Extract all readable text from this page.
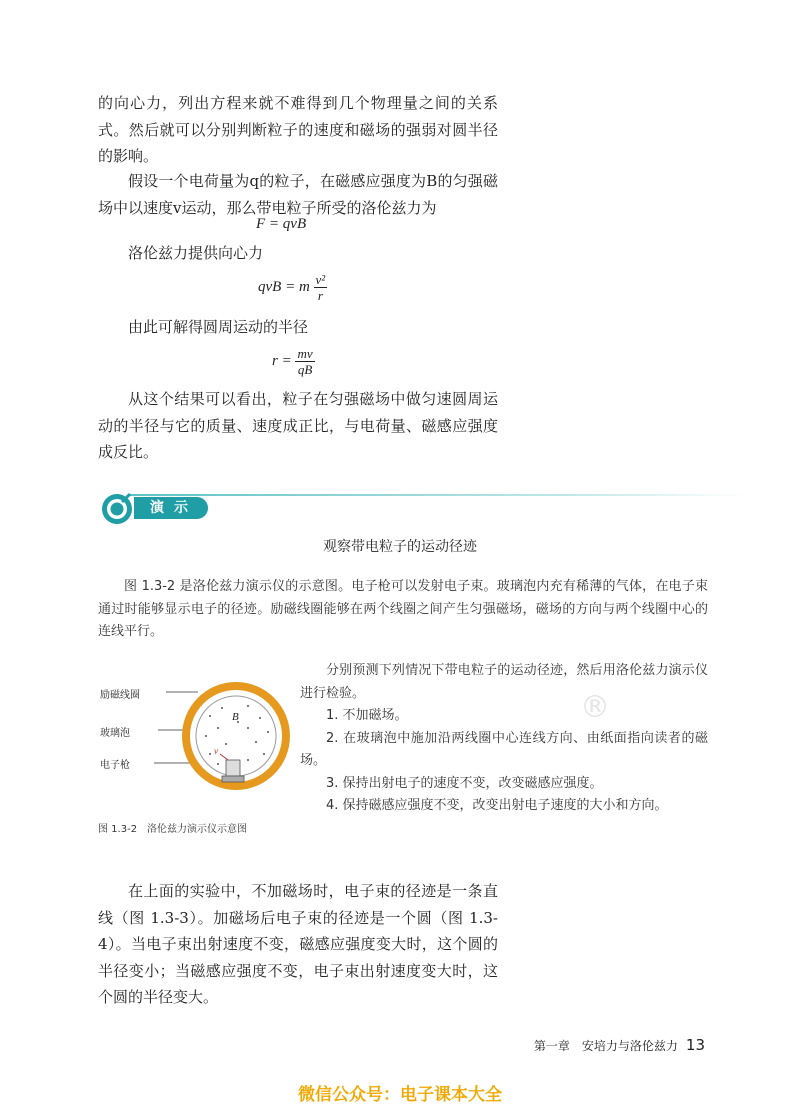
的向心力，列出方程来就不难得到几个物理量之间的关系式。然后就可以分别判断粒子的速度和磁场的强弱对圆半径的影响。

假设一个电荷量为q的粒子，在磁感应强度为B的匀强磁场中以速度v运动，那么带电粒子所受的洛伦兹力为

F = qvB

洛伦兹力提供向心力

qvB = m $\frac{\text{v²}}{r}$

由此可解得圆周运动的半径

$r = \frac{mv}{qB}$

从这个结果可以看出，粒子在匀强磁场中做匀速圆周运动的半径与它的质量、速度成正比，与电荷量、磁感应强度成反比。

演示
观察带电粒子的运动径迹

图 1.3-2 是洛伦兹力演示仪的示意图。电子枪可以发射电子束。玻璃泡内充有稀薄的气体，在电子束通过时能够显示电子的径迹。励磁线圈能够在两个线圈之间产生匀强磁场，磁场的方向与两个线圈中心的连线平行。

B
v
励磁线圈
玻璃泡
电子枪
图 1.3-2　洛伦兹力演示仪示意图
®

分别预测下列情况下带电粒子的运动径迹，然后用洛伦兹力演示仪进行检验。

1. 不加磁场。

2. 在玻璃泡中施加沿两线圈中心连线方向、由纸面指向读者的磁场。

3. 保持出射电子的速度不变，改变磁感应强度。

4. 保持磁感应强度不变，改变出射电子速度的大小和方向。

在上面的实验中，不加磁场时，电子束的径迹是一条直线（图 1.3-3）。加磁场后电子束的径迹是一个圆（图 1.3-4）。当电子束出射速度不变，磁感应强度变大时，这个圆的半径变小；当磁感应强度不变，电子束出射速度变大时，这个圆的半径变大。

第一章　安培力与洛伦兹力 13
微信公众号：电子课本大全
